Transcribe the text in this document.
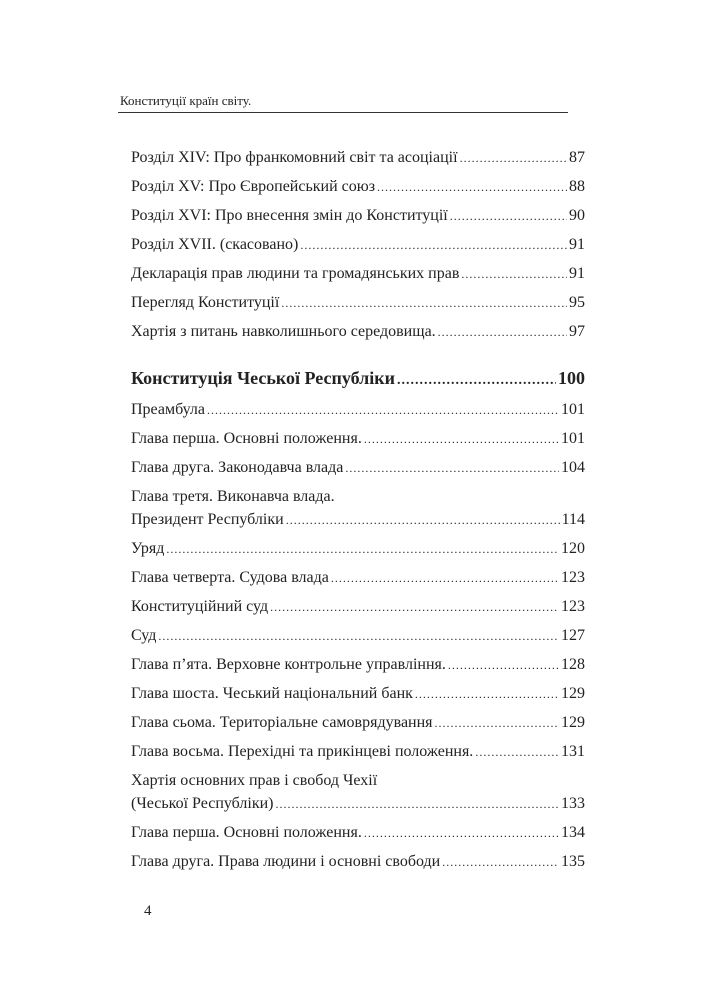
Конституції країн світу.
Розділ XIV: Про франкомовний світ та асоціації .....	87
Розділ XV: Про Європейський союз .....	88
Розділ XVI: Про внесення змін до Конституції .....	90
Розділ XVII. (скасовано) .....	91
Декларація прав людини та громадянських прав .....	91
Перегляд Конституції .....	95
Хартія з питань навколишнього середовища. .....	97
Конституція Чеської Республіки .....	100
Преамбула .....	101
Глава перша. Основні положення. .....	101
Глава друга. Законодавча влада .....	104
Глава третя. Виконавча влада.
Президент Республіки .....	114
Уряд .....	120
Глава четверта. Судова влада .....	123
Конституційний суд .....	123
Суд .....	127
Глава п’ята. Верховне контрольне управління. .....	128
Глава шоста. Чеський національний банк .....	129
Глава сьома. Територіальне самоврядування .....	129
Глава восьма. Перехідні та прикінцеві положення. .....	131
Хартія основних прав і свобод Чехії
(Чеської Республіки) .....	133
Глава перша. Основні положення. .....	134
Глава друга. Права людини і основні свободи .....	135
4
